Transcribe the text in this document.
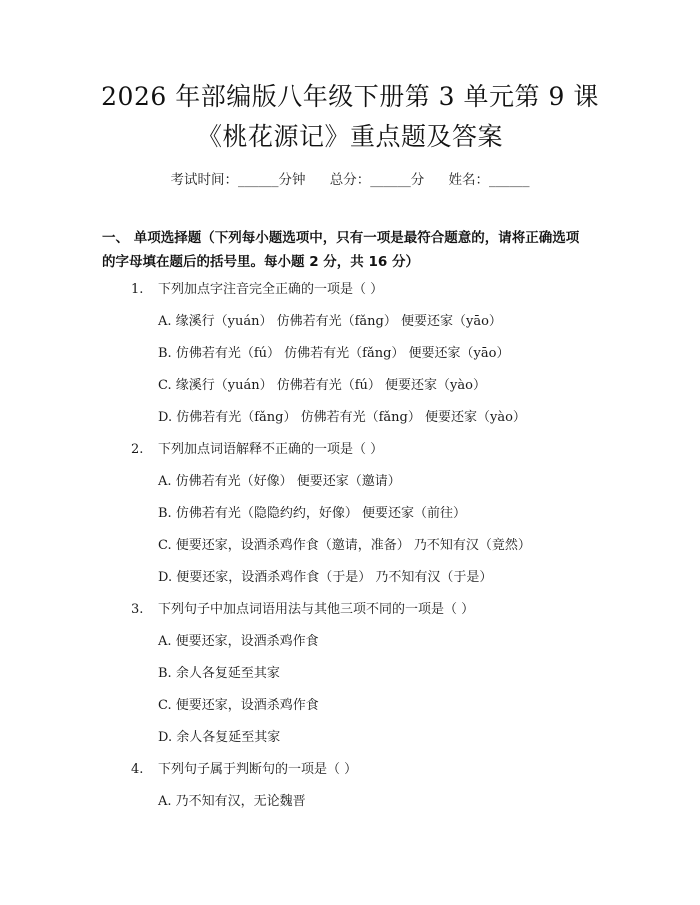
2026 年部编版八年级下册第 3 单元第 9 课
《桃花源记》重点题及答案
考试时间：______分钟 总分：______分 姓名：______
一、 单项选择题（下列每小题选项中，只有一项是最符合题意的，请将正确选项
的字母填在题后的括号里。每小题 2 分，共 16 分）
1. 下列加点字注音完全正确的一项是（ ）
A. 缘溪行（yuán） 仿佛若有光（fǎng） 便要还家（yāo）
B. 仿佛若有光（fú） 仿佛若有光（fǎng） 便要还家（yāo）
C. 缘溪行（yuán） 仿佛若有光（fú） 便要还家（yào）
D. 仿佛若有光（fǎng） 仿佛若有光（fǎng） 便要还家（yào）
2. 下列加点词语解释不正确的一项是（ ）
A. 仿佛若有光（好像） 便要还家（邀请）
B. 仿佛若有光（隐隐约约，好像） 便要还家（前往）
C. 便要还家，设酒杀鸡作食（邀请，准备） 乃不知有汉（竟然）
D. 便要还家，设酒杀鸡作食（于是） 乃不知有汉（于是）
3. 下列句子中加点词语用法与其他三项不同的一项是（ ）
A. 便要还家，设酒杀鸡作食
B. 余人各复延至其家
C. 便要还家，设酒杀鸡作食
D. 余人各复延至其家
4. 下列句子属于判断句的一项是（ ）
A. 乃不知有汉，无论魏晋
